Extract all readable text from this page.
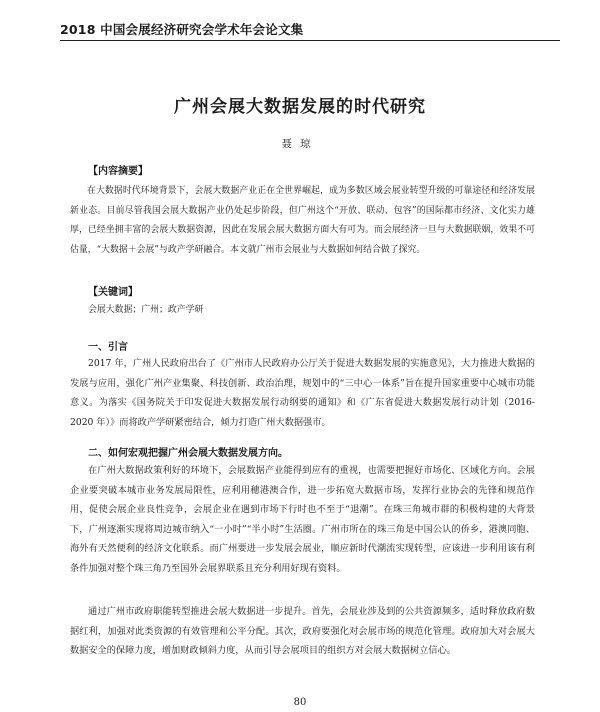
2018 中国会展经济研究会学术年会论文集
广州会展大数据发展的时代研究
聂琼
【内容摘要】

在大数据时代环境背景下，会展大数据产业正在全世界崛起，成为多数区域会展业转型升级的可靠途径和经济发展新业态。目前尽管我国会展大数据产业仍处起步阶段，但广州这个“开放、联动、包容”的国际都市经济、文化实力雄厚，已经坐拥丰富的会展大数据资源，因此在发展会展大数据方面大有可为。而会展经济一旦与大数据联姻，效果不可估量，“大数据＋会展”与政产学研融合。本文就广州市会展业与大数据如何结合做了探究。

【关键词】
会展大数据；广州；政产学研
一、引言

2017 年，广州人民政府出台了《广州市人民政府办公厅关于促进大数据发展的实施意见》，大力推进大数据的发展与应用，强化广州产业集聚、科技创新、政治治理，规划中的“三中心一体系”旨在提升国家重要中心城市功能意义。为落实《国务院关于印发促进大数据发展行动纲要的通知》和《广东省促进大数据发展行动计划（2016-2020 年）》而将政产学研紧密结合，倾力打造广州大数据强市。

二、如何宏观把握广州会展大数据发展方向。

在广州大数据政策利好的环境下，会展数据产业能得到应有的重视，也需要把握好市场化、区域化方向。会展企业要突破本城市业务发展局限性，应利用穗港澳合作，进一步拓宽大数据市场，发挥行业协会的先锋和规范作用，促使会展企业良性竞争，会展企业在遇到市场下行时也不至于“退潮”。在珠三角城市群的积极构建的大背景下，广州逐渐实现将周边城市纳入“一小时”“半小时”生活圈。广州市所在的珠三角是中国公认的侨乡，港澳同胞、海外有天然便利的经济文化联系。而广州要进一步发展会展业，顺应新时代潮流实现转型，应该进一步利用该有利条件加强对整个珠三角乃至国外会展界联系且充分利用好现有资料。

通过广州市政府职能转型推进会展大数据进一步提升。首先，会展业涉及到的公共资源频多，适时释放政府数据红利，加强对此类资源的有效管理和公平分配。其次，政府要强化对会展市场的规范化管理。政府加大对会展大数据安全的保障力度，增加财政倾斜力度，从而引导会展项目的组织方对会展大数据树立信心。

80
